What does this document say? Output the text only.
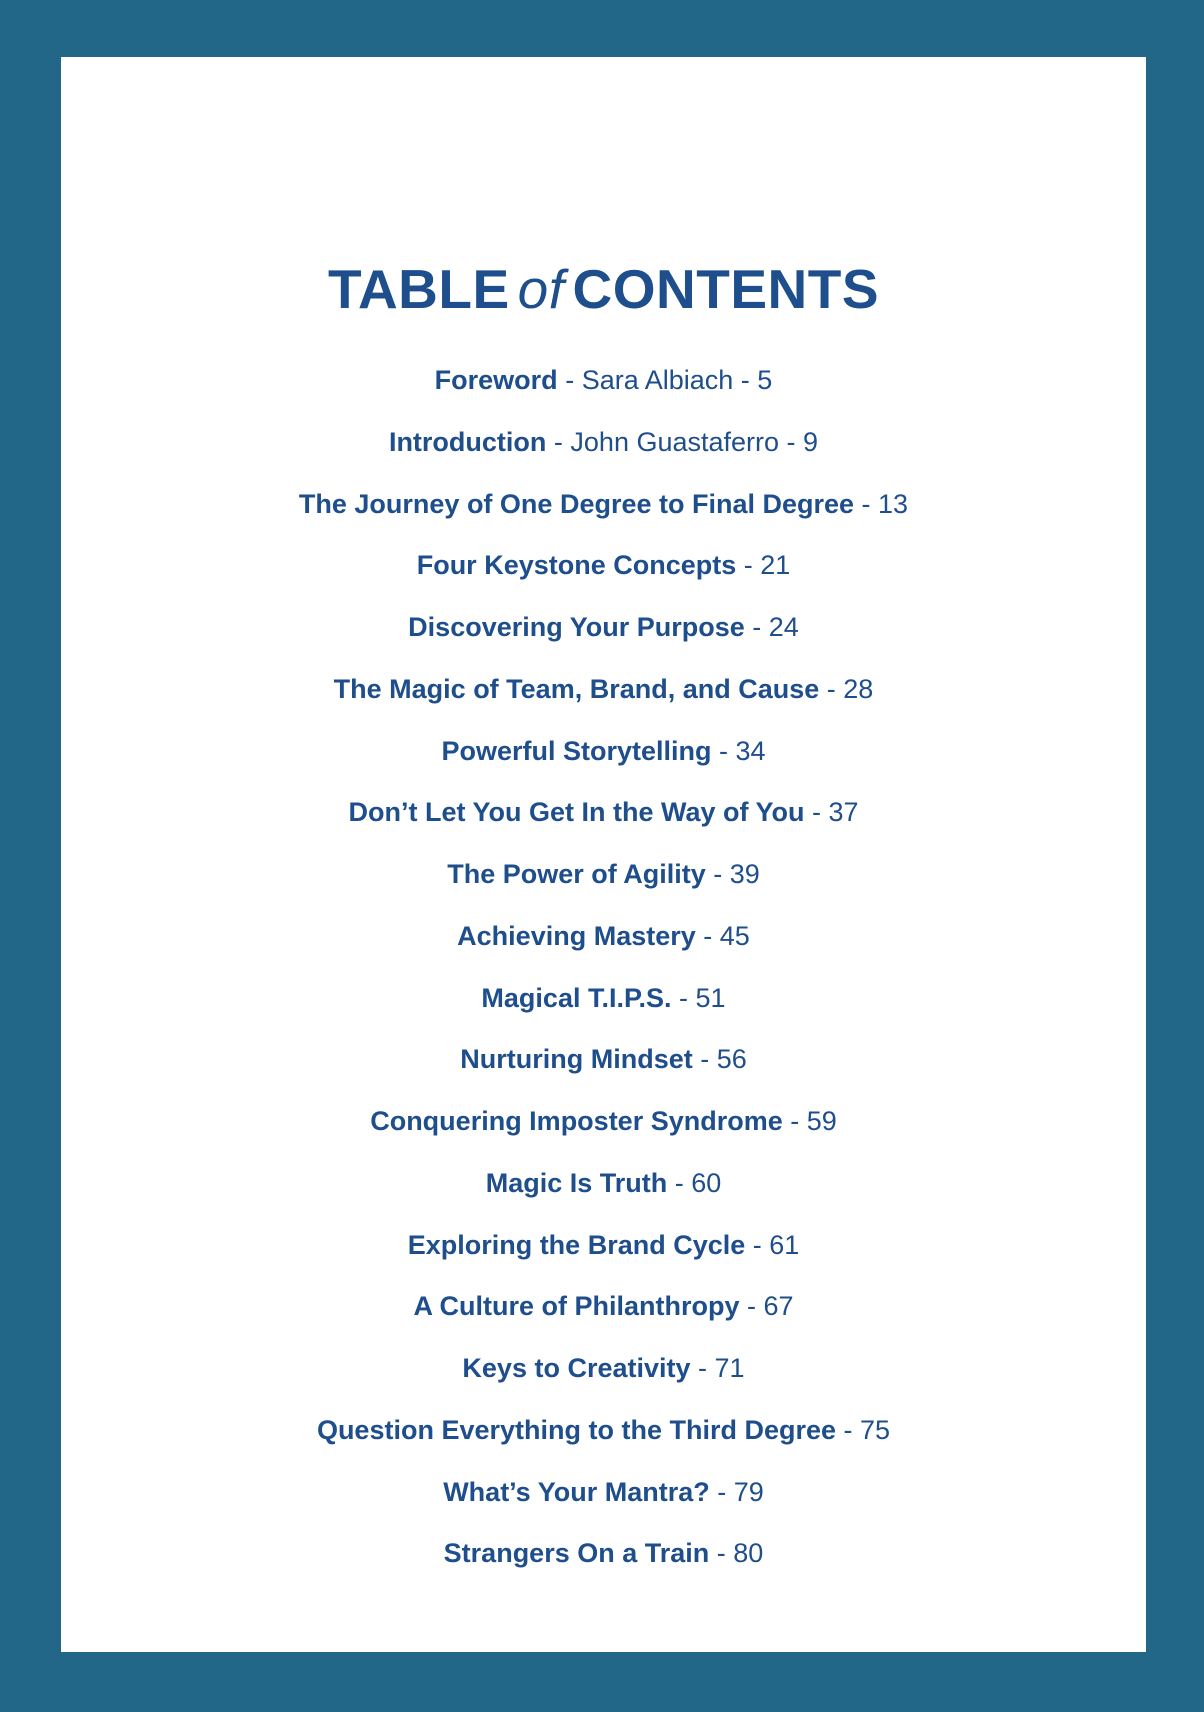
TABLE of CONTENTS
Foreword - Sara Albiach - 5
Introduction - John Guastaferro - 9
The Journey of One Degree to Final Degree - 13
Four Keystone Concepts - 21
Discovering Your Purpose - 24
The Magic of Team, Brand, and Cause - 28
Powerful Storytelling - 34
Don’t Let You Get In the Way of You - 37
The Power of Agility - 39
Achieving Mastery - 45
Magical T.I.P.S. - 51
Nurturing Mindset - 56
Conquering Imposter Syndrome - 59
Magic Is Truth - 60
Exploring the Brand Cycle - 61
A Culture of Philanthropy - 67
Keys to Creativity - 71
Question Everything to the Third Degree - 75
What’s Your Mantra? - 79
Strangers On a Train - 80
